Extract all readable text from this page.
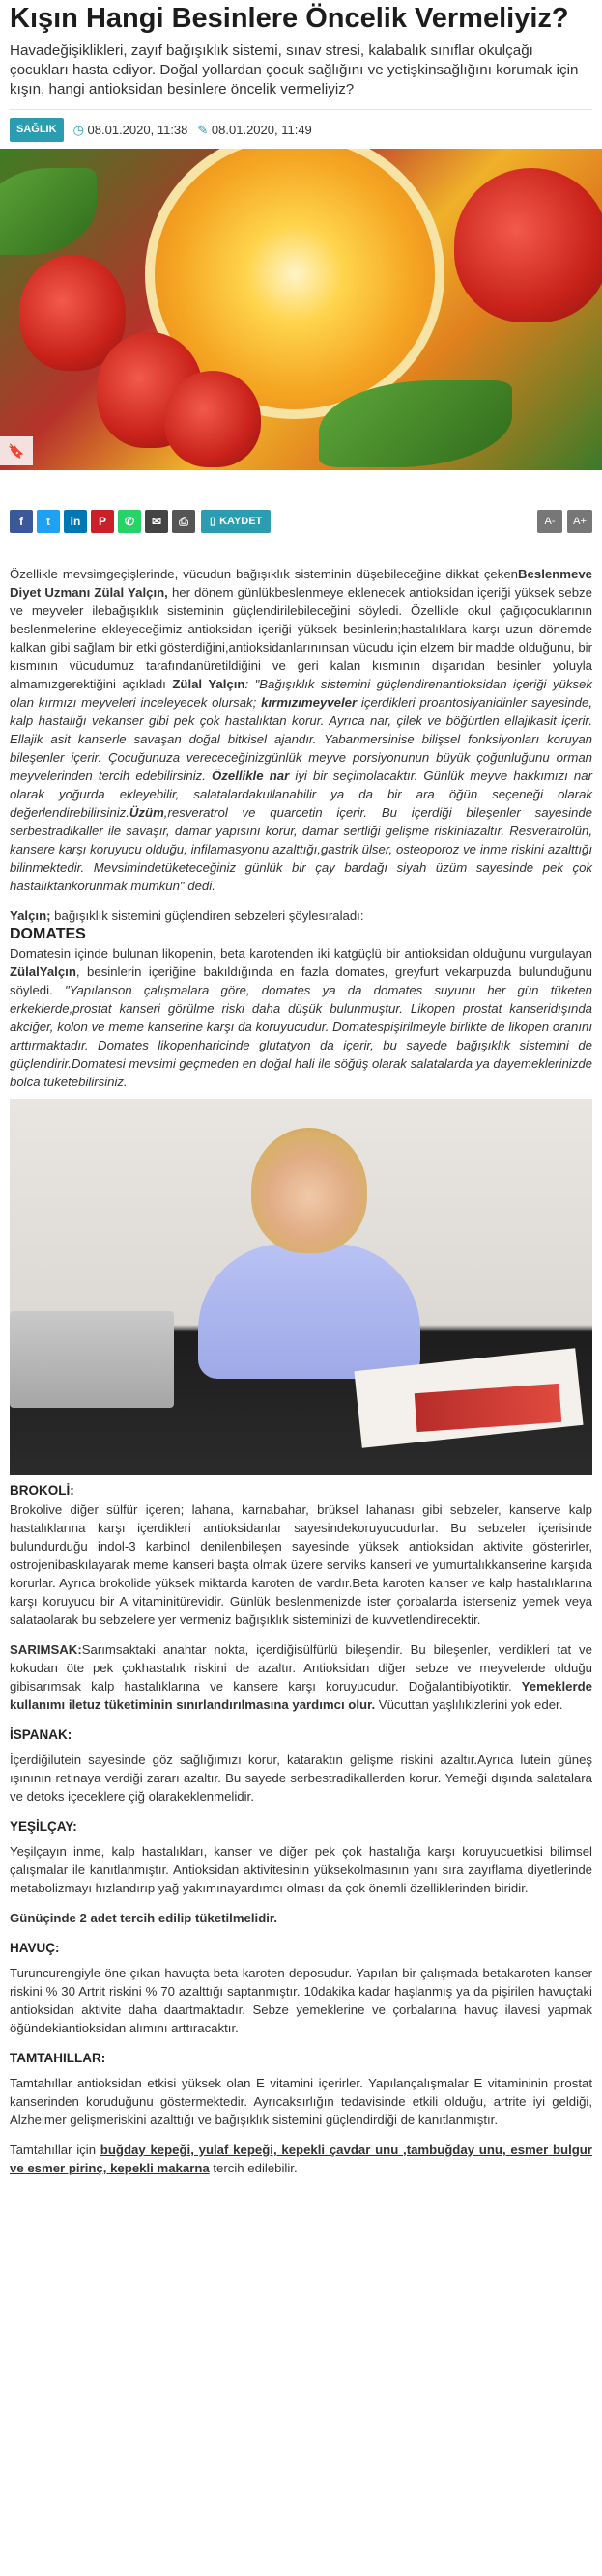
Kışın Hangi Besinlere Öncelik Vermeliyiz?

Havadeğişiklikleri, zayıf bağışıklık sistemi, sınav stresi, kalabalık sınıflar okulçağı çocukları hasta ediyor. Doğal yollardan çocuk sağlığını ve yetişkinsağlığını korumak için kışın, hangi antioksidan besinlere öncelik vermeliyiz?

SAĞLIK	◷ 08.01.2020, 11:38 ✎ 08.01.2020, 11:49
🔖
f	t	in	P	✆	✉	⎙	▯ KAYDET	A-	A+

Özellikle mevsimgeçişlerinde, vücudun bağışıklık sisteminin düşebileceğine dikkat çekenBeslenmeve Diyet Uzmanı Zülal Yalçın, her dönem günlükbeslenmeye eklenecek antioksidan içeriği yüksek sebze ve meyveler ilebağışıklık sisteminin güçlendirilebileceğini söyledi. Özellikle okul çağıçocuklarının beslenmelerine ekleyeceğimiz antioksidan içeriği yüksek besinlerin;hastalıklara karşı uzun dönemde kalkan gibi sağlam bir etki gösterdiğini,antioksidanlarınınsan vücudu için elzem bir madde olduğunu, bir kısmının vücudumuz tarafındanüretildiğini ve geri kalan kısmının dışarıdan besinler yoluyla almamızgerektiğini açıkladı Zülal Yalçın: "Bağışıklık sistemini güçlendirenantioksidan içeriği yüksek olan kırmızı meyveleri inceleyecek olursak; kırmızımeyveler içerdikleri proantosiyanidinler sayesinde, kalp hastalığı vekanser gibi pek çok hastalıktan korur. Ayrıca nar, çilek ve böğürtlen ellajikasit içerir. Ellajik asit kanserle savaşan doğal bitkisel ajandır. Yabanmersinise bilişsel fonksiyonları koruyan bileşenler içerir. Çocuğunuza verececeğinizgünlük meyve porsiyonunun büyük çoğunluğunu orman meyvelerinden tercih edebilirsiniz. Özellikle nar iyi bir seçimolacaktır. Günlük meyve hakkımızı nar olarak yoğurda ekleyebilir, salatalardakullanabilir ya da bir ara öğün seçeneği olarak değerlendirebilirsiniz.Üzüm,resveratrol ve quarcetin içerir. Bu içerdiği bileşenler sayesinde serbestradikaller ile savaşır, damar yapısını korur, damar sertliği gelişme riskiniazaltır. Resveratrolün, kansere karşı koruyucu olduğu, infilamasyonu azalttığı,gastrik ülser, osteoporoz ve inme riskini azalttığı bilinmektedir. Mevsimindetüketeceğiniz günlük bir çay bardağı siyah üzüm sayesinde pek çok hastalıktankorunmak mümkün" dedi.

Yalçın; bağışıklık sistemini güçlendiren sebzeleri şöylesıraladı:

DOMATES

Domatesin içinde bulunan likopenin, beta karotenden iki katgüçlü bir antioksidan olduğunu vurgulayan ZülalYalçın, besinlerin içeriğine bakıldığında en fazla domates, greyfurt vekarpuzda bulunduğunu söyledi. "Yapılanson çalışmalara göre, domates ya da domates suyunu her gün tüketen erkeklerde,prostat kanseri görülme riski daha düşük bulunmuştur. Likopen prostat kanseridışında akciğer, kolon ve meme kanserine karşı da koruyucudur. Domatespişirilmeyle birlikte de likopen oranını arttırmaktadır. Domates likopenharicinde glutatyon da içerir, bu sayede bağışıklık sistemini de güçlendirir.Domatesi mevsimi geçmeden en doğal hali ile söğüş olarak salatalarda ya dayemeklerinizde bolca tüketebilirsiniz.

BROKOLİ:

Brokolive diğer sülfür içeren; lahana, karnabahar, brüksel lahanası gibi sebzeler, kanserve kalp hastalıklarına karşı içerdikleri antioksidanlar sayesindekoruyucudurlar. Bu sebzeler içerisinde bulundurduğu indol-3 karbinol denilenbileşen sayesinde yüksek antioksidan aktivite gösterirler, ostrojenibaskılayarak meme kanseri başta olmak üzere serviks kanseri ve yumurtalıkkanserine karşıda korurlar. Ayrıca brokolide yüksek miktarda karoten de vardır.Beta karoten kanser ve kalp hastalıklarına karşı koruyucu bir A vitaminitürevidir. Günlük beslenmenizde ister çorbalarda isterseniz yemek veya salataolarak bu sebzelere yer vermeniz bağışıklık sisteminizi de kuvvetlendirecektir.

SARIMSAK:Sarımsaktaki anahtar nokta, içerdiğisülfürlü bileşendir. Bu bileşenler, verdikleri tat ve kokudan öte pek çokhastalık riskini de azaltır. Antioksidan diğer sebze ve meyvelerde olduğu gibisarımsak kalp hastalıklarına ve kansere karşı koruyucudur. Doğalantibiyotiktir. Yemeklerde kullanımı iletuz tüketiminin sınırlandırılmasına yardımcı olur. Vücuttan yaşlılıkizlerini yok eder.

İSPANAK:

İçerdiğilutein sayesinde göz sağlığımızı korur, kataraktın gelişme riskini azaltır.Ayrıca lutein güneş ışınının retinaya verdiği zararı azaltır. Bu sayede serbestradikallerden korur. Yemeği dışında salatalara ve detoks içeceklere çiğ olarakeklenmelidir.

YEŞİLÇAY:

Yeşilçayın inme, kalp hastalıkları, kanser ve diğer pek çok hastalığa karşı koruyucuetkisi bilimsel çalışmalar ile kanıtlanmıştır. Antioksidan aktivitesinin yüksekolmasının yanı sıra zayıflama diyetlerinde metabolizmayı hızlandırıp yağ yakımınayardımcı olması da çok önemli özelliklerinden biridir.

Günüçinde 2 adet tercih edilip tüketilmelidir.

HAVUÇ:

Turuncurengiyle öne çıkan havuçta beta karoten deposudur. Yapılan bir çalışmada betakaroten kanser riskini % 30 Artrit riskini % 70 azalttığı saptanmıştır. 10dakika kadar haşlanmış ya da pişirilen havuçtaki antioksidan aktivite daha daartmaktadır. Sebze yemeklerine ve çorbalarına havuç ilavesi yapmak öğündekiantioksidan alımını arttıracaktır.

TAMTAHILLAR:

Tamtahıllar antioksidan etkisi yüksek olan E vitamini içerirler. Yapılançalışmalar E vitamininin prostat kanserinden koruduğunu göstermektedir. Ayrıcaksırlığın tedavisinde etkili olduğu, artrite iyi geldiği, Alzheimer gelişmeriskini azalttığı ve bağışıklık sistemini güçlendirdiği de kanıtlanmıştır.

Tamtahıllar için buğday kepeği, yulaf kepeği, kepekli çavdar unu ,tambuğday unu, esmer bulgur ve esmer pirinç, kepekli makarna tercih edilebilir.
